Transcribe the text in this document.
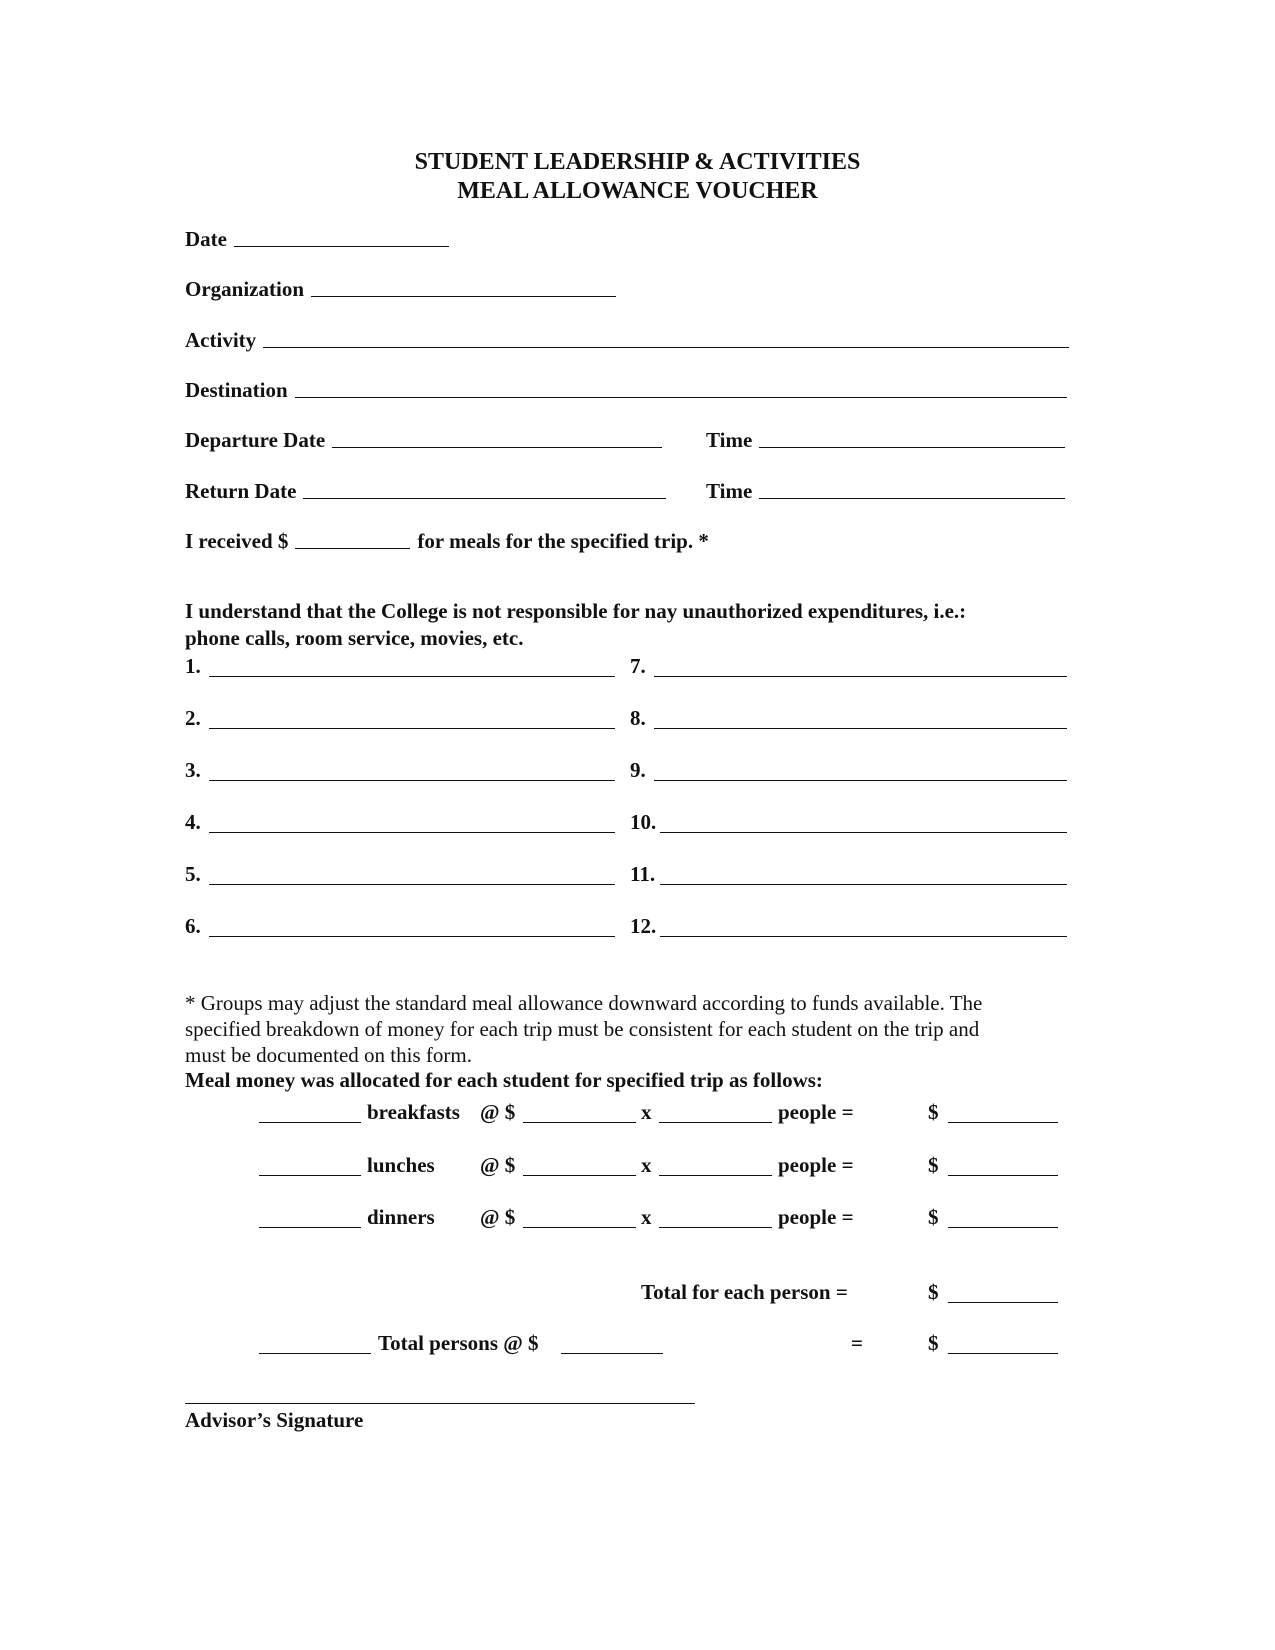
STUDENT LEADERSHIP & ACTIVITIES
MEAL ALLOWANCE VOUCHER
Date
Organization
Activity
Destination
Departure Date	Time
Return Date	Time
I received $	for meals for the specified trip. *
I understand that the College is not responsible for nay unauthorized expenditures, i.e.:
phone calls, room service, movies, etc.
1.
2.
3.
4.
5.
6.
7.
8.
9.
10.
11.
12.
* Groups may adjust the standard meal allowance downward according to funds available. The
specified breakdown of money for each trip must be consistent for each student on the trip and
must be documented on this form.
Meal money was allocated for each student for specified trip as follows:
breakfasts @ $	x	people =	$
lunches @ $	x	people =	$
dinners @ $	x	people =	$
Total for each person =	$
Total persons @ $	=	$
Advisor’s Signature
